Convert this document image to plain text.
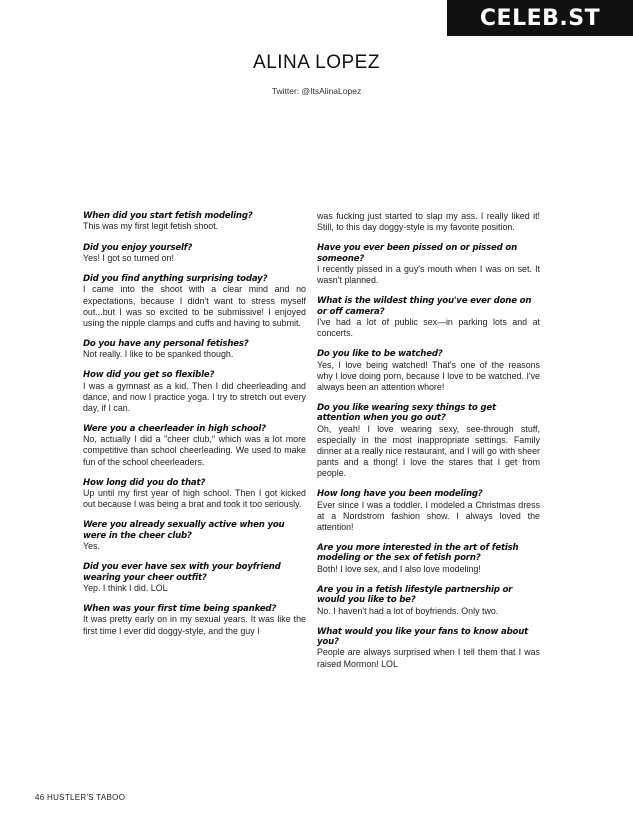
CELEB.ST
ALINA LOPEZ
Twitter: @ItsAlinaLopez
When did you start fetish modeling?
This was my first legit fetish shoot.
Did you enjoy yourself?
Yes! I got so turned on!
Did you find anything surprising today?
I came into the shoot with a clear mind and no expectations, because I didn't want to stress myself out...but I was so excited to be submissive! I enjoyed using the nipple clamps and cuffs and having to submit.
Do you have any personal fetishes?
Not really. I like to be spanked though.
How did you get so flexible?
I was a gymnast as a kid. Then I did cheerleading and dance, and now I practice yoga. I try to stretch out every day, if I can.
Were you a cheerleader in high school?
No, actually I did a "cheer club," which was a lot more competitive than school cheerleading. We used to make fun of the school cheerleaders.
How long did you do that?
Up until my first year of high school. Then I got kicked out because I was being a brat and took it too seriously.
Were you already sexually active when you were in the cheer club?
Yes.
Did you ever have sex with your boyfriend wearing your cheer outfit?
Yep. I think I did. LOL
When was your first time being spanked?
It was pretty early on in my sexual years. It was like the first time I ever did doggy-style, and the guy I
was fucking just started to slap my ass. I really liked it! Still, to this day doggy-style is my favorite position.
Have you ever been pissed on or pissed on someone?
I recently pissed in a guy's mouth when I was on set. It wasn't planned.
What is the wildest thing you've ever done on or off camera?
I've had a lot of public sex—in parking lots and at concerts.
Do you like to be watched?
Yes, I love being watched! That's one of the reasons why I love doing porn, because I love to be watched. I've always been an attention whore!
Do you like wearing sexy things to get attention when you go out?
Oh, yeah! I love wearing sexy, see-through stuff, especially in the most inappropriate settings. Family dinner at a really nice restaurant, and I will go with sheer pants and a thong! I love the stares that I get from people.
How long have you been modeling?
Ever since I was a toddler. I modeled a Christmas dress at a Nordstrom fashion show. I always loved the attention!
Are you more interested in the art of fetish modeling or the sex of fetish porn?
Both! I love sex, and I also love modeling!
Are you in a fetish lifestyle partnership or would you like to be?
No. I haven't had a lot of boyfriends. Only two.
What would you like your fans to know about you?
People are always surprised when I tell them that I was raised Mormon! LOL
46 HUSTLER'S TABOO
